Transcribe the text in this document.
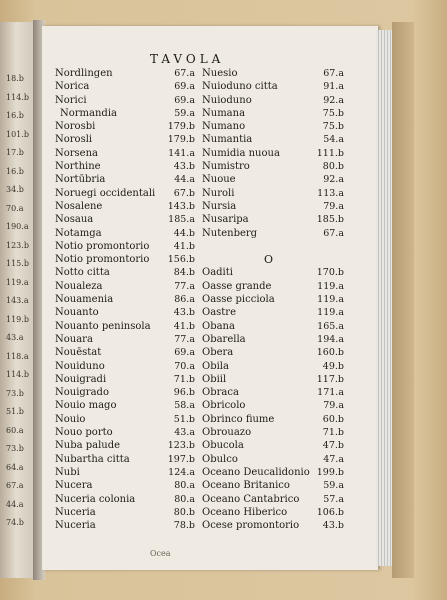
18.b
114.b
16.b
101.b
17.b
16.b
34.b
70.a
190.a
123.b
115.b
119.a
143.a
119.b
43.a
118.a
114.b
73.b
51.b
60.a
73.b
64.a
67.a
44.a
74.b
TAVOLA
Nordlingen	67.a
Norica	69.a
Norici	69.a
Normandia	59.a
Norosbi	179.b
Norosli	179.b
Norsena	141.a
Northine	43.b
Nortūbria	44.a
Noruegi occidentali 67.b
Nosalene	143.b
Nosaua	185.a
Notamga	44.b
Notio promontorio	41.b
Notio promontorio 156.b
Notto citta	84.b
Noualeza	77.a
Nouamenia	86.a
Nouanto	43.b
Nouanto peninsola 41.b
Nouara	77.a
Nouēstat	69.a
Nouiduno	70.a
Nouigradi	71.b
Nouigrado	96.b
Nouio mago	58.a
Nouio	51.b
Nouo porto	43.a
Nuba palude	123.b
Nubartha citta	197.b
Nubi	124.a
Nucera	80.a
Nuceria colonia	80.a
Nuceria	80.b
Nuceria	78.b
Nuesio	67.a
Nuioduno citta	91.a
Nuioduno	92.a
Numana	75.b
Numano	75.b
Numantia	54.a
Numidia nuoua	111.b
Numistro	80.b
Nuoue	92.a
Nuroli	113.a
Nursia	79.a
Nusaripa	185.b
Nutenberg	67.a
O
Oaditi	170.b
Oasse grande	119.a
Oasse picciola	119.a
Oastre	119.a
Obana	165.a
Obarella	194.a
Obera	160.b
Obila	49.b
Obiil	117.b
Obraca	171.a
Obricolo	79.a
Obrinco fiume	60.b
Obrouazo	71.b
Obucola	47.b
Obulco	47.a
Oceano Deucalidonio 199.b
Oceano Britanico	59.a
Oceano Cantabrico	57.a
Oceano Hiberico	106.b
Ocese promontorio 43.b
Ocea
